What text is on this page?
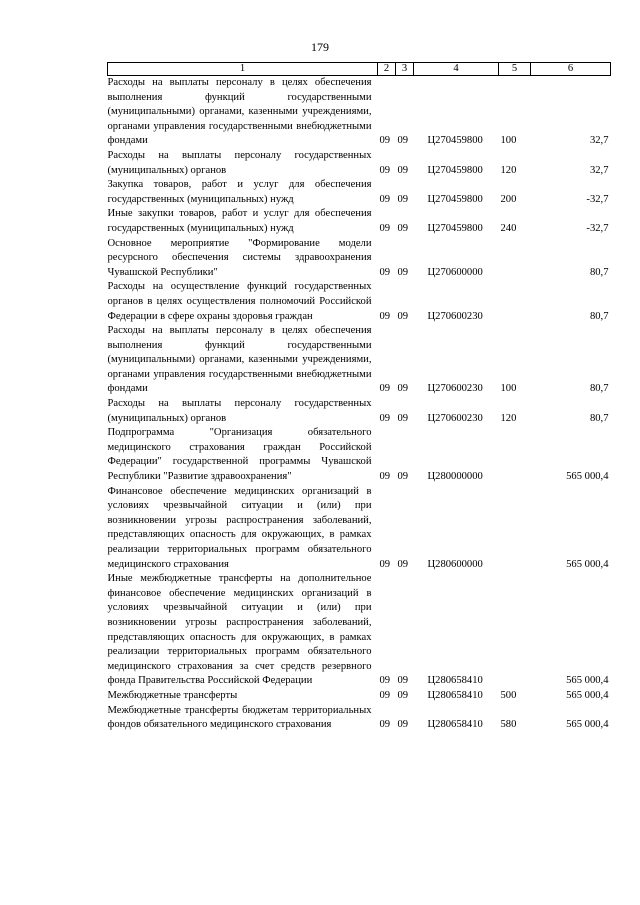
179
1	2	3	4	5	6
Расходы на выплаты персоналу в целях обеспечения выполнения функций государственными (муниципальными) органами, казенными учреждениями, органами управления государственными внебюджетными фондами	09	09	Ц270459800	100	32,7
Расходы на выплаты персоналу государственных (муниципальных) органов	09	09	Ц270459800	120	32,7
Закупка товаров, работ и услуг для обеспечения государственных (муниципальных) нужд	09	09	Ц270459800	200	-32,7
Иные закупки товаров, работ и услуг для обеспечения государственных (муниципальных) нужд	09	09	Ц270459800	240	-32,7
Основное мероприятие "Формирование модели ресурсного обеспечения системы здравоохранения Чувашской Республики"	09	09	Ц270600000		80,7
Расходы на осуществление функций государственных органов в целях осуществления полномочий Российской Федерации в сфере охраны здоровья граждан	09	09	Ц270600230		80,7
Расходы на выплаты персоналу в целях обеспечения выполнения функций государственными (муниципальными) органами, казенными учреждениями, органами управления государственными внебюджетными фондами	09	09	Ц270600230	100	80,7
Расходы на выплаты персоналу государственных (муниципальных) органов	09	09	Ц270600230	120	80,7
Подпрограмма "Организация обязательного медицинского страхования граждан Российской Федерации" государственной программы Чувашской Республики "Развитие здравоохранения"	09	09	Ц280000000		565 000,4
Финансовое обеспечение медицинских организаций в условиях чрезвычайной ситуации и (или) при возникновении угрозы распространения заболеваний, представляющих опасность для окружающих, в рамках реализации территориальных программ обязательного медицинского страхования	09	09	Ц280600000		565 000,4
Иные межбюджетные трансферты на дополнительное финансовое обеспечение медицинских организаций в условиях чрезвычайной ситуации и (или) при возникновении угрозы распространения заболеваний, представляющих опасность для окружающих, в рамках реализации территориальных программ обязательного медицинского страхования за счет средств резервного фонда Правительства Российской Федерации	09	09	Ц280658410		565 000,4
Межбюджетные трансферты	09	09	Ц280658410	500	565 000,4
Межбюджетные трансферты бюджетам территориальных фондов обязательного медицинского страхования	09	09	Ц280658410	580	565 000,4
